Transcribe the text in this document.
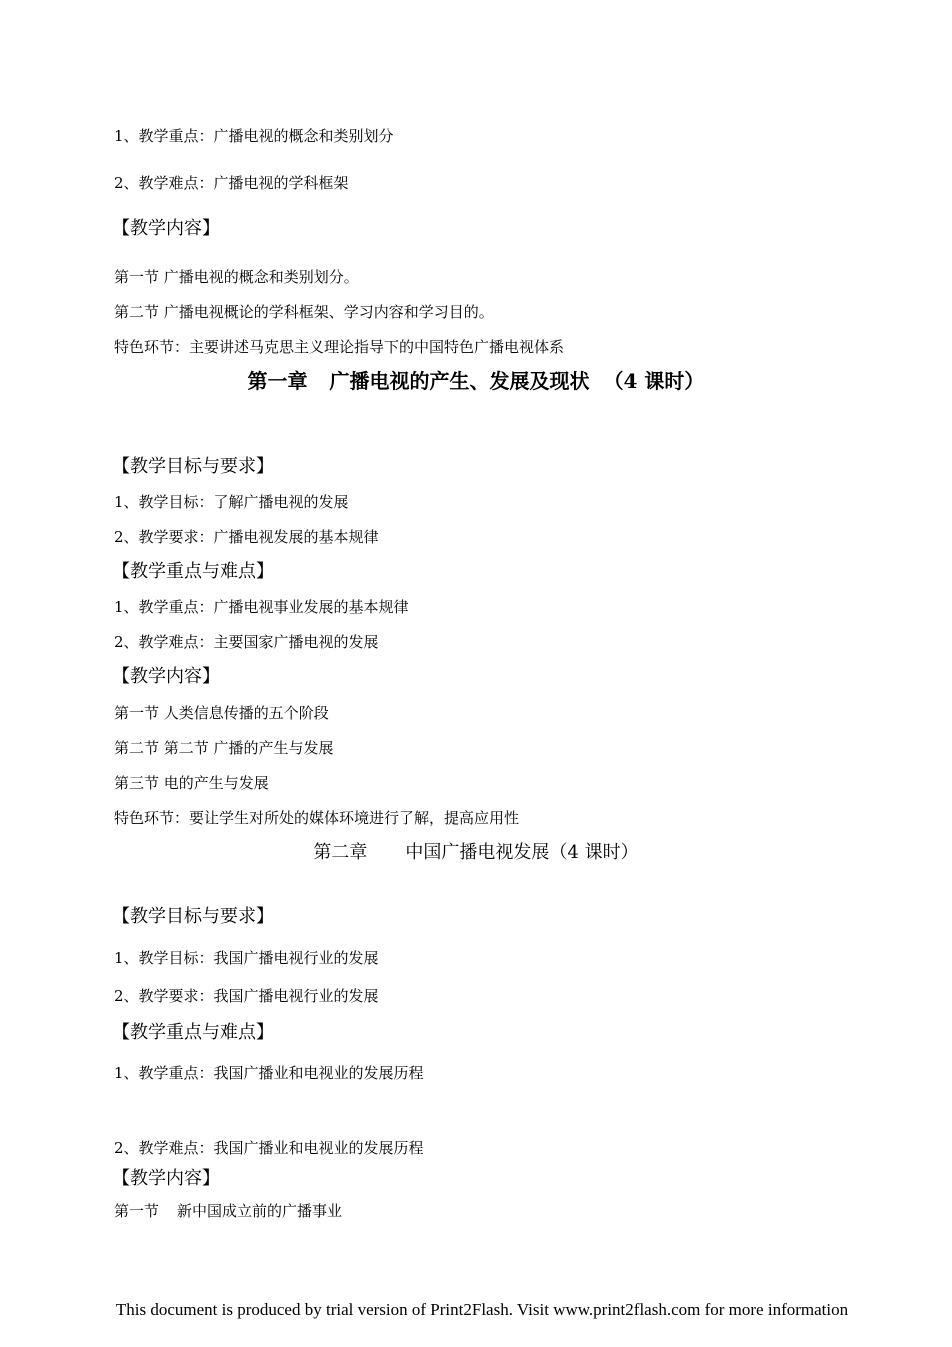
1、教学重点：广播电视的概念和类别划分
2、教学难点：广播电视的学科框架
【教学内容】
第一节 广播电视的概念和类别划分。
第二节 广播电视概论的学科框架、学习内容和学习目的。
特色环节：主要讲述马克思主义理论指导下的中国特色广播电视体系
第一章 广播电视的产生、发展及现状 （4 课时）
【教学目标与要求】
1、教学目标：了解广播电视的发展
2、教学要求：广播电视发展的基本规律
【教学重点与难点】
1、教学重点：广播电视事业发展的基本规律
2、教学难点：主要国家广播电视的发展
【教学内容】
第一节 人类信息传播的五个阶段
第二节 第二节 广播的产生与发展
第三节 电的产生与发展
特色环节：要让学生对所处的媒体环境进行了解，提高应用性
第二章 中国广播电视发展（4 课时）
【教学目标与要求】
1、教学目标：我国广播电视行业的发展
2、教学要求：我国广播电视行业的发展
【教学重点与难点】
1、教学重点：我国广播业和电视业的发展历程
2、教学难点：我国广播业和电视业的发展历程
【教学内容】
第一节 新中国成立前的广播事业
This document is produced by trial version of Print2Flash. Visit www.print2flash.com for more information
